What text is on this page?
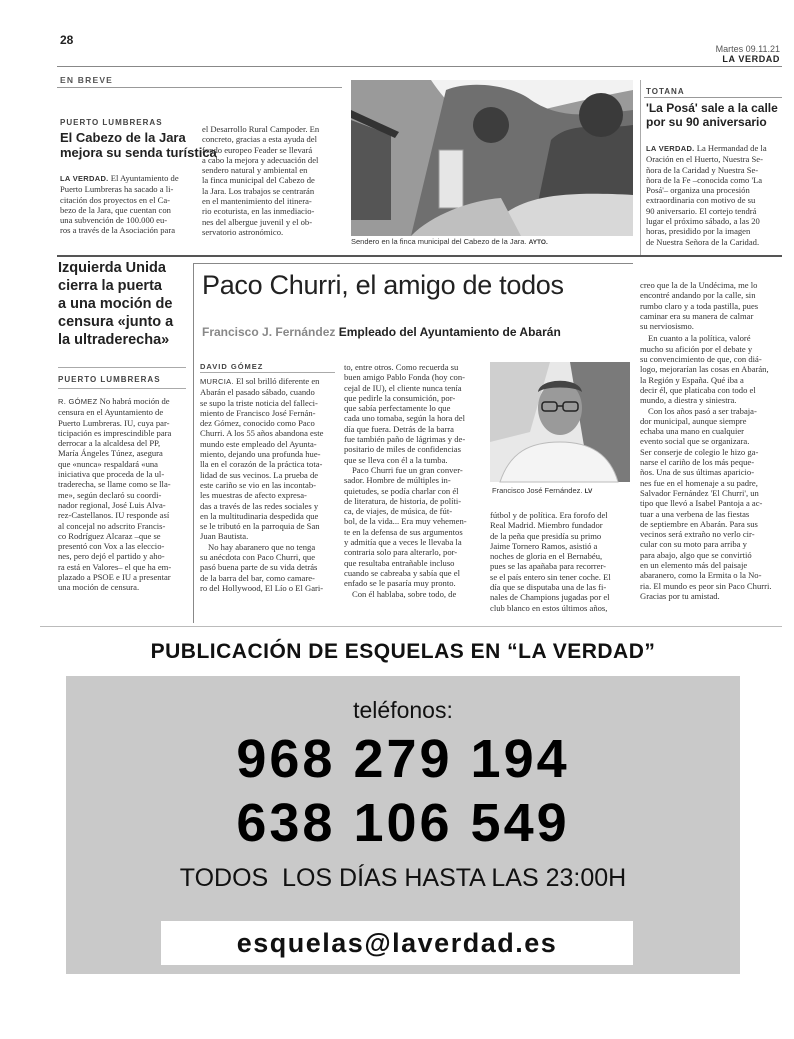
28
Martes 09.11.21
LA VERDAD
EN BREVE
PUERTO LUMBRERAS
El Cabezo de la Jara
mejora su senda turística
LA VERDAD. El Ayuntamiento de
Puerto Lumbreras ha sacado a li-
citación dos proyectos en el Ca-
bezo de la Jara, que cuentan con
una subvención de 100.000 eu-
ros a través de la Asociación para
el Desarrollo Rural Campoder. En
concreto, gracias a esta ayuda del
fondo europeo Feader se llevará
a cabo la mejora y adecuación del
sendero natural y ambiental en
la finca municipal del Cabezo de
la Jara. Los trabajos se centrarán
en el mantenimiento del itinera-
rio ecoturista, en las inmediacio-
nes del albergue juvenil y el ob-
servatorio astronómico.
Sendero en la finca municipal del Cabezo de la Jara. AYTO.
TOTANA
'La Posá' sale a la calle
por su 90 aniversario
LA VERDAD. La Hermandad de la
Oración en el Huerto, Nuestra Se-
ñora de la Caridad y Nuestra Se-
ñora de la Fe –conocida como 'La
Posá'– organiza una procesión
extraordinaria con motivo de su
90 aniversario. El cortejo tendrá
lugar el próximo sábado, a las 20
horas, presidido por la imagen
de Nuestra Señora de la Caridad.
Izquierda Unida
cierra la puerta
a una moción de
censura «junto a
la ultraderecha»
PUERTO LUMBRERAS
R. GÓMEZ No habrá moción de
censura en el Ayuntamiento de
Puerto Lumbreras. IU, cuya par-
ticipación es imprescindible para
derrocar a la alcaldesa del PP,
María Ángeles Túnez, asegura
que «nunca» respaldará «una
iniciativa que proceda de la ul-
traderecha, se llame como se lla-
me», según declaró su coordi-
nador regional, José Luis Alva-
rez-Castellanos. IU responde así
al concejal no adscrito Francis-
co Rodríguez Alcaraz –que se
presentó con Vox a las eleccio-
nes, pero dejó el partido y aho-
ra está en Valores– el que ha em-
plazado a PSOE e IU a presentar
una moción de censura.
Paco Churri, el amigo de todos
Francisco J. Fernández Empleado del Ayuntamiento de Abarán
DAVID GÓMEZ
MURCIA. El sol brilló diferente en
Abarán el pasado sábado, cuando
se supo la triste noticia del falleci-
miento de Francisco José Fernán-
dez Gómez, conocido como Paco
Churri. A los 55 años abandona este
mundo este empleado del Ayunta-
miento, dejando una profunda hue-
lla en el corazón de la práctica tota-
lidad de sus vecinos. La prueba de
este cariño se vio en las incontab-
les muestras de afecto expresa-
das a través de las redes sociales y
en la multitudinaria despedida que
se le tributó en la parroquia de San
Juan Bautista.
No hay abaranero que no tenga
su anécdota con Paco Churri, que
pasó buena parte de su vida detrás
de la barra del bar, como camare-
ro del Hollywood, El Lío o El Gari-
to, entre otros. Como recuerda su
buen amigo Pablo Fonda (hoy con-
cejal de IU), el cliente nunca tenía
que pedirle la consumición, por-
que sabía perfectamente lo que
cada uno tomaba, según la hora del
día que fuera. Detrás de la barra
fue también paño de lágrimas y de-
positario de miles de confidencias
que se lleva con él a la tumba.
Paco Churri fue un gran conver-
sador. Hombre de múltiples in-
quietudes, se podía charlar con él
de literatura, de historia, de políti-
ca, de viajes, de música, de fút-
bol, de la vida... Era muy vehemen-
te en la defensa de sus argumentos
y admitía que a veces le llevaba la
contraria solo para alterarlo, por-
que resultaba entrañable incluso
cuando se cabreaba y sabía que el
enfado se le pasaría muy pronto.
Con él hablaba, sobre todo, de
Francisco José Fernández. LV
fútbol y de política. Era forofo del
Real Madrid. Miembro fundador
de la peña que presidía su primo
Jaime Tornero Ramos, asistió a
noches de gloria en el Bernabéu,
pues se las apañaba para recorrer-
se el país entero sin tener coche. El
día que se disputaba una de las fi-
nales de Champions jugadas por el
club blanco en estos últimos años,
creo que la de la Undécima, me lo
encontré andando por la calle, sin
rumbo claro y a toda pastilla, pues
caminar era su manera de calmar
su nerviosismo.
En cuanto a la política, valoré
mucho su afición por el debate y
su convencimiento de que, con diá-
logo, mejorarían las cosas en Abarán,
la Región y España. Qué iba a
decir él, que platicaba con todo el
mundo, a diestra y siniestra.
Con los años pasó a ser trabaja-
dor municipal, aunque siempre
echaba una mano en cualquier
evento social que se organizara.
Ser conserje de colegio le hizo ga-
narse el cariño de los más peque-
ños. Una de sus últimas aparicio-
nes fue en el homenaje a su padre,
Salvador Fernández 'El Churri', un
tipo que llevó a Isabel Pantoja a ac-
tuar a una verbena de las fiestas
de septiembre en Abarán. Para sus
vecinos será extraño no verlo cir-
cular con su moto para arriba y
para abajo, algo que se convirtió
en un elemento más del paisaje
abaranero, como la Ermita o la No-
ria. El mundo es peor sin Paco Churri.
Gracias por tu amistad.
PUBLICACIÓN DE ESQUELAS EN “LA VERDAD”
teléfonos:
968 279 194
638 106 549
TODOS  LOS DÍAS HASTA LAS 23:00H
esquelas@laverdad.es
